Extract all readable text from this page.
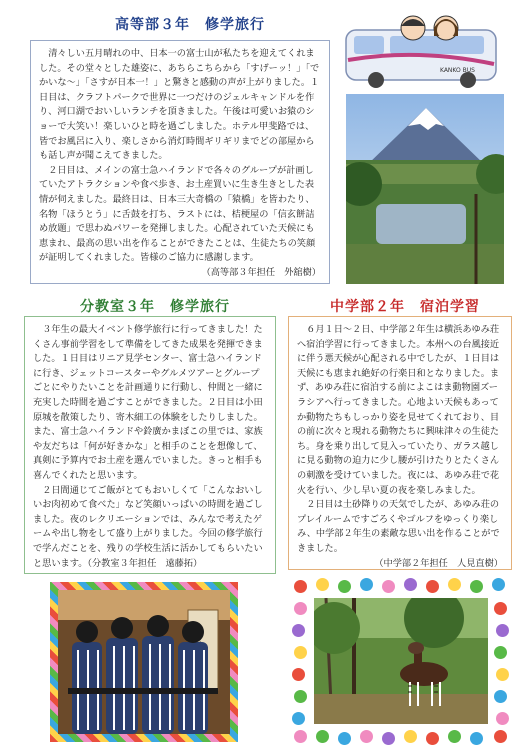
高等部３年　修学旅行

清々しい五月晴れの中、日本一の富士山が私たちを迎えてくれました。その堂々とした雄姿に、あちらこちらから「すげーッ！」「でかいな～」「さすが日本一！」と驚きと感動の声が上がりました。１日目は、クラフトパークで世界に一つだけのジェルキャンドルを作り、河口湖でおいしいランチを頂きました。午後は可愛いお猿のショーで大笑い！楽しいひと時を過ごしました。ホテル甲斐路では、皆でお風呂に入り、楽しさから消灯時間ギリギリまでどの部屋からも話し声が聞こえてきました。

２日目は、メインの富士急ハイランドで各々のグループが計画していたアトラクションや食べ歩き、お土産買いに生き生きとした表情が伺えました。最終日は、日本三大奇橋の「猿橋」を皆わたり、名物「ほうとう」に舌鼓を打ち、ラストには、桔梗屋の「信玄餅詰め放題」で思わぬパワーを発揮しました。心配されていた天候にも恵まれ、最高の思い出を作ることができたことは、生徒たちの笑顔が証明してくれました。皆様のご協力に感謝します。

（高等部３年担任　外舘樹）

KANKO BUS
分教室３年　修学旅行

３年生の最大イベント修学旅行に行ってきました！たくさん事前学習をして準備をしてきた成果を発揮できました。１日目はリニア見学センター、富士急ハイランドに行き、ジェットコースターやグルメツアーとグループごとにやりたいことを計画通りに行動し、仲間と一緒に充実した時間を過ごすことができました。２日目は小田原城を散策したり、寄木細工の体験をしたりしました。また、富士急ハイランドや鈴廣かまぼこの里では、家族や友だちは「何が好きかな」と相手のことを想像して、真剣に予算内でお土産を選んでいました。きっと相手も喜んでくれたと思います。

２日間通じてご飯がとてもおいしくて「こんなおいしいお肉初めて食べた」など笑顔いっぱいの時間を過ごしました。夜のレクリエーションでは、みんなで考えたゲームや出し物をして盛り上がりました。今回の修学旅行で学んだことを、残りの学校生活に活かしてもらいたいと思います。（分教室３年担任　遠藤拓）

中学部２年　宿泊学習

６月１日～２日、中学部２年生は横浜あゆみ荘へ宿泊学習に行ってきました。本州への台風接近に伴う悪天候が心配される中でしたが、１日目は天候にも恵まれ絶好の行楽日和となりました。まず、あゆみ荘に宿泊する前によこはま動物園ズーラシアへ行ってきました。心地よい天候もあってか動物たちもしっかり姿を見せてくれており、目の前に次々と現れる動物たちに興味津々の生徒たち。身を乗り出して見入っていたり、ガラス越しに見る動物の迫力に少し腰が引けたりとたくさんの刺激を受けていました。夜には、あゆみ荘で花火を行い、少し早い夏の夜を楽しみました。

２日目は土砂降りの天気でしたが、あゆみ荘のプレイルームですごろくやゴルフをゆっくり楽しみ、中学部２年生の素敵な思い出を作ることができました。

（中学部２年担任　人見直樹）
